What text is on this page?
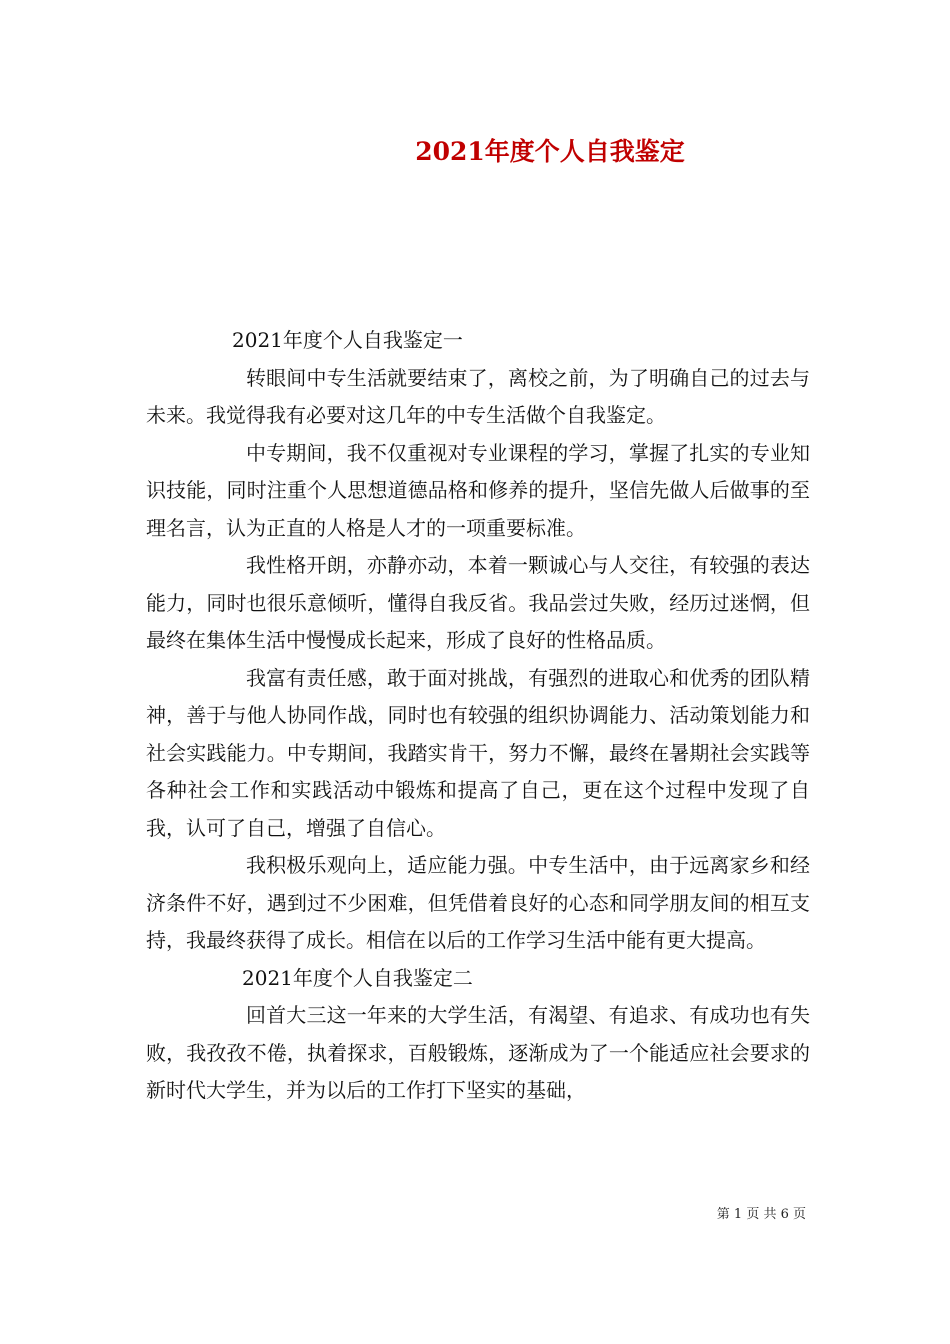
2021年度个人自我鉴定

2021年度个人自我鉴定一

转眼间中专生活就要结束了，离校之前，为了明确自己的过去与未来。我觉得我有必要对这几年的中专生活做个自我鉴定。

中专期间，我不仅重视对专业课程的学习，掌握了扎实的专业知识技能，同时注重个人思想道德品格和修养的提升，坚信先做人后做事的至理名言，认为正直的人格是人才的一项重要标准。

我性格开朗，亦静亦动，本着一颗诚心与人交往，有较强的表达能力，同时也很乐意倾听，懂得自我反省。我品尝过失败，经历过迷惘，但最终在集体生活中慢慢成长起来，形成了良好的性格品质。

我富有责任感，敢于面对挑战，有强烈的进取心和优秀的团队精神，善于与他人协同作战，同时也有较强的组织协调能力、活动策划能力和社会实践能力。中专期间，我踏实肯干，努力不懈，最终在暑期社会实践等各种社会工作和实践活动中锻炼和提高了自己，更在这个过程中发现了自我，认可了自己，增强了自信心。

我积极乐观向上，适应能力强。中专生活中，由于远离家乡和经济条件不好，遇到过不少困难，但凭借着良好的心态和同学朋友间的相互支持，我最终获得了成长。相信在以后的工作学习生活中能有更大提高。

2021年度个人自我鉴定二

回首大三这一年来的大学生活，有渴望、有追求、有成功也有失败，我孜孜不倦，执着探求，百般锻炼，逐渐成为了一个能适应社会要求的新时代大学生，并为以后的工作打下坚实的基础，

第 1 页 共 6 页
